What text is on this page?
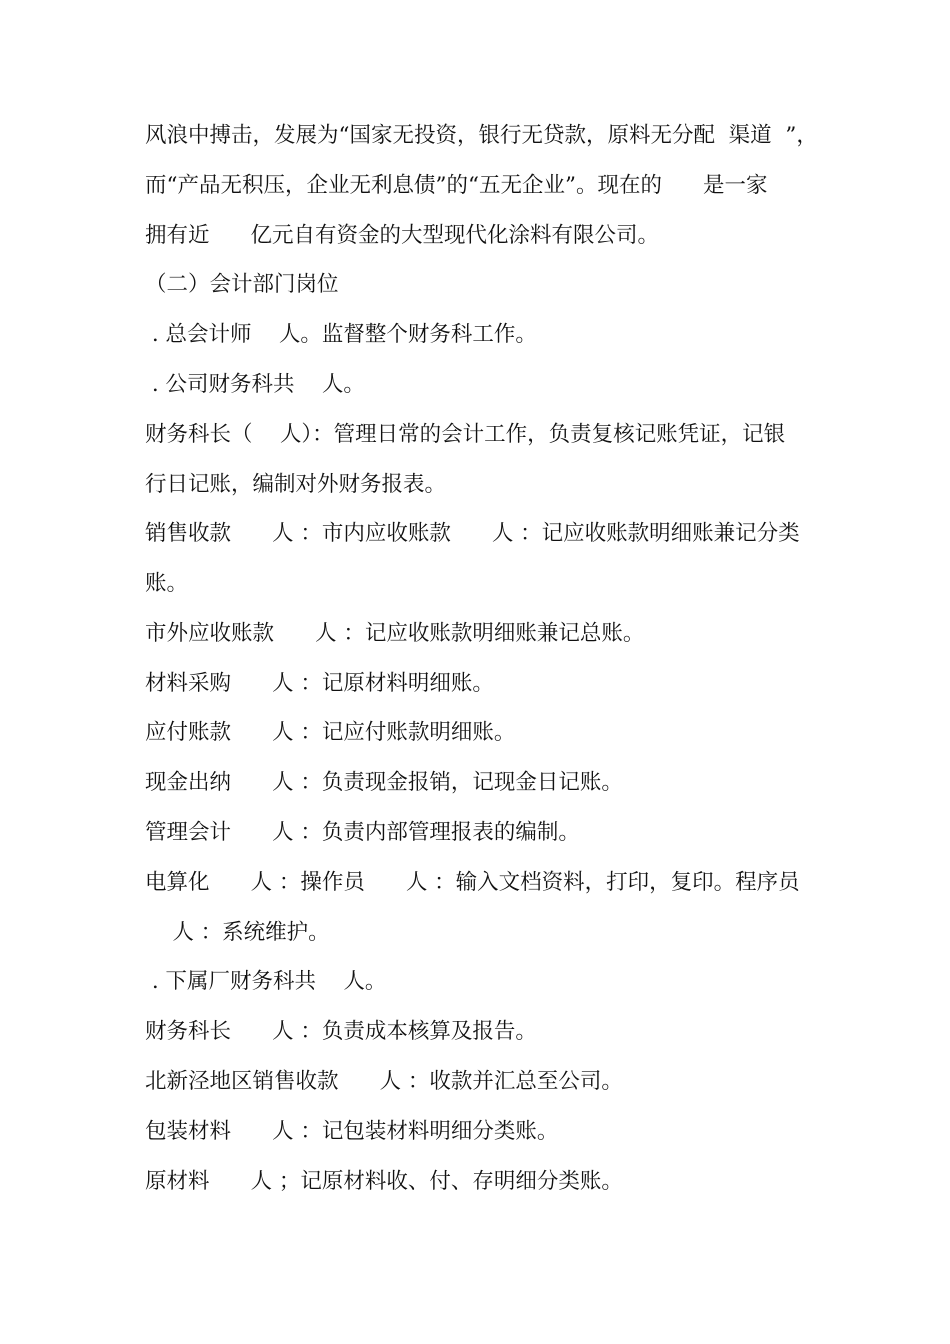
风浪中搏击，发展为“国家无投资，银行无贷款，原料无分配  渠道  ”，
而“产品无积压，企业无利息债”的“五无企业”。现在的      是一家
拥有近      亿元自有资金的大型现代化涂料有限公司。
（二）会计部门岗位
. 总会计师    人。监督整个财务科工作。
. 公司财务科共    人。
财务科长（    人）：管理日常的会计工作，负责复核记账凭证，记银
行日记账，编制对外财务报表。
销售收款      人 ：市内应收账款      人 ：记应收账款明细账兼记分类
账。
市外应收账款      人 ：记应收账款明细账兼记总账。
材料采购      人 ：记原材料明细账。
应付账款      人 ：记应付账款明细账。
现金出纳      人 ：负责现金报销，记现金日记账。
管理会计      人 ：负责内部管理报表的编制。
电算化      人 ：操作员      人 ：输入文档资料，打印，复印。程序员
人 ：系统维护。
. 下属厂财务科共    人。
财务科长      人 ：负责成本核算及报告。
北新泾地区销售收款      人 ：收款并汇总至公司。
包装材料      人 ：记包装材料明细分类账。
原材料      人 ；记原材料收、付、存明细分类账。
